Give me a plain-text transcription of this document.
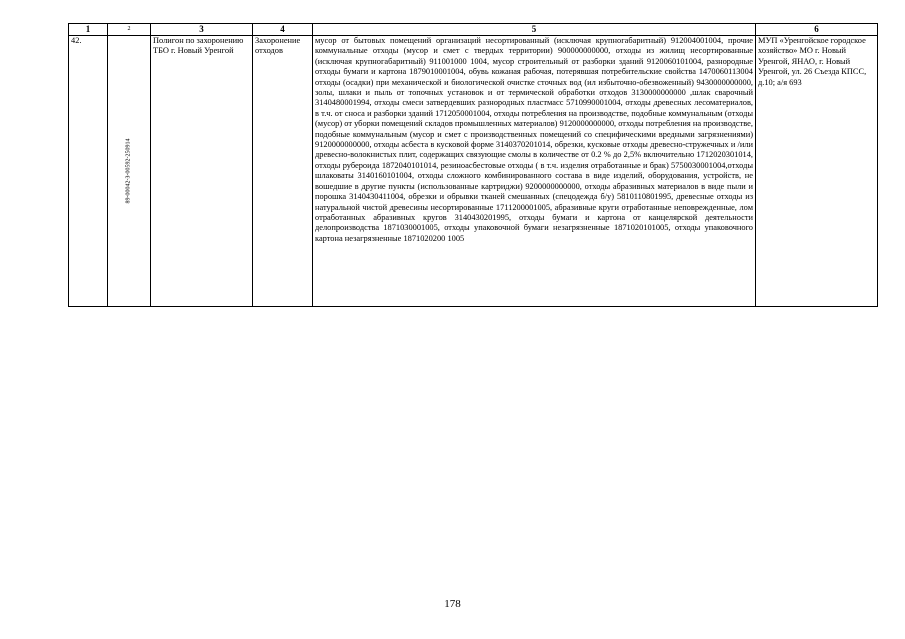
1	2	3	4	5	6
42.	89-00042-З-00592-250914	Полигон по захоронению ТБО г. Новый Уренгой	Захоронение отходов	мусор от бытовых помещений организаций несортированный (исключая крупногабаритный) 912004001004, прочие коммунальные отходы (мусор и смет с твердых территории) 900000000000, отходы из жилищ несортированные (исключая крупногабаритный) 911001000 1004, мусор строительный от разборки зданий 9120060101004, разнородные отходы бумаги и картона 1879010001004, обувь кожаная рабочая, потерявшая потребительские свойства 1470060113004 отходы (осадки) при механической и биологической очистке сточных вод (ил избыточно-обезвоженный) 9430000000000, золы, шлаки и пыль от топочных установок и от термической обработки отходов 3130000000000 ,шлак сварочный 3140480001994, отходы смеси затвердевших разнородных пластмасс 5710990001004, отходы древесных лесоматериалов, в т.ч. от сноса и разборки зданий 1712050001004, отходы потребления на производстве, подобные коммунальным (отходы (мусор) от уборки помещений складов промышленных материалов) 9120000000000, отходы потребления на производстве, подобные коммунальным (мусор и смет с производственных помещений со специфическими вредными загрязнениями) 9120000000000, отходы асбеста в кусковой форме 3140370201014, обрезки, кусковые отходы древесно-стружечных и /или древесно-волокнистых плит, содержащих связующие смолы в количестве от 0.2 % до 2,5% включительно 1712020301014, отходы рубероида 1872040101014, резиноасбестовые отходы ( в т.ч. изделия отработанные и брак) 5750030001004,отходы шлаковаты 3140160101004, отходы сложного комбинированного состава в виде изделий, оборудования, устройств, не вошедшие в другие пункты (использованные картриджи) 9200000000000, отходы абразивных материалов в виде пыли и порошка 3140430411004, обрезки и обрывки тканей смешанных (спецодежда б/у) 5810110801995, древесные отходы из натуральной чистой древесины несортированные 1711200001005, абразивные круги отработанные неповрежденные, лом отработанных абразивных кругов 3140430201995, отходы бумаги и картона от канцелярской деятельности делопроизводства 1871030001005, отходы упаковочной бумаги незагрязненные 1871020101005, отходы упаковочного картона незагрязненные 1871020200 1005	МУП «Уренгойское городское хозяйство» МО г. Новый Уренгой, ЯНАО, г. Новый Уренгой, ул. 26 Съезда КПСС, д.10; а/я 693
178
